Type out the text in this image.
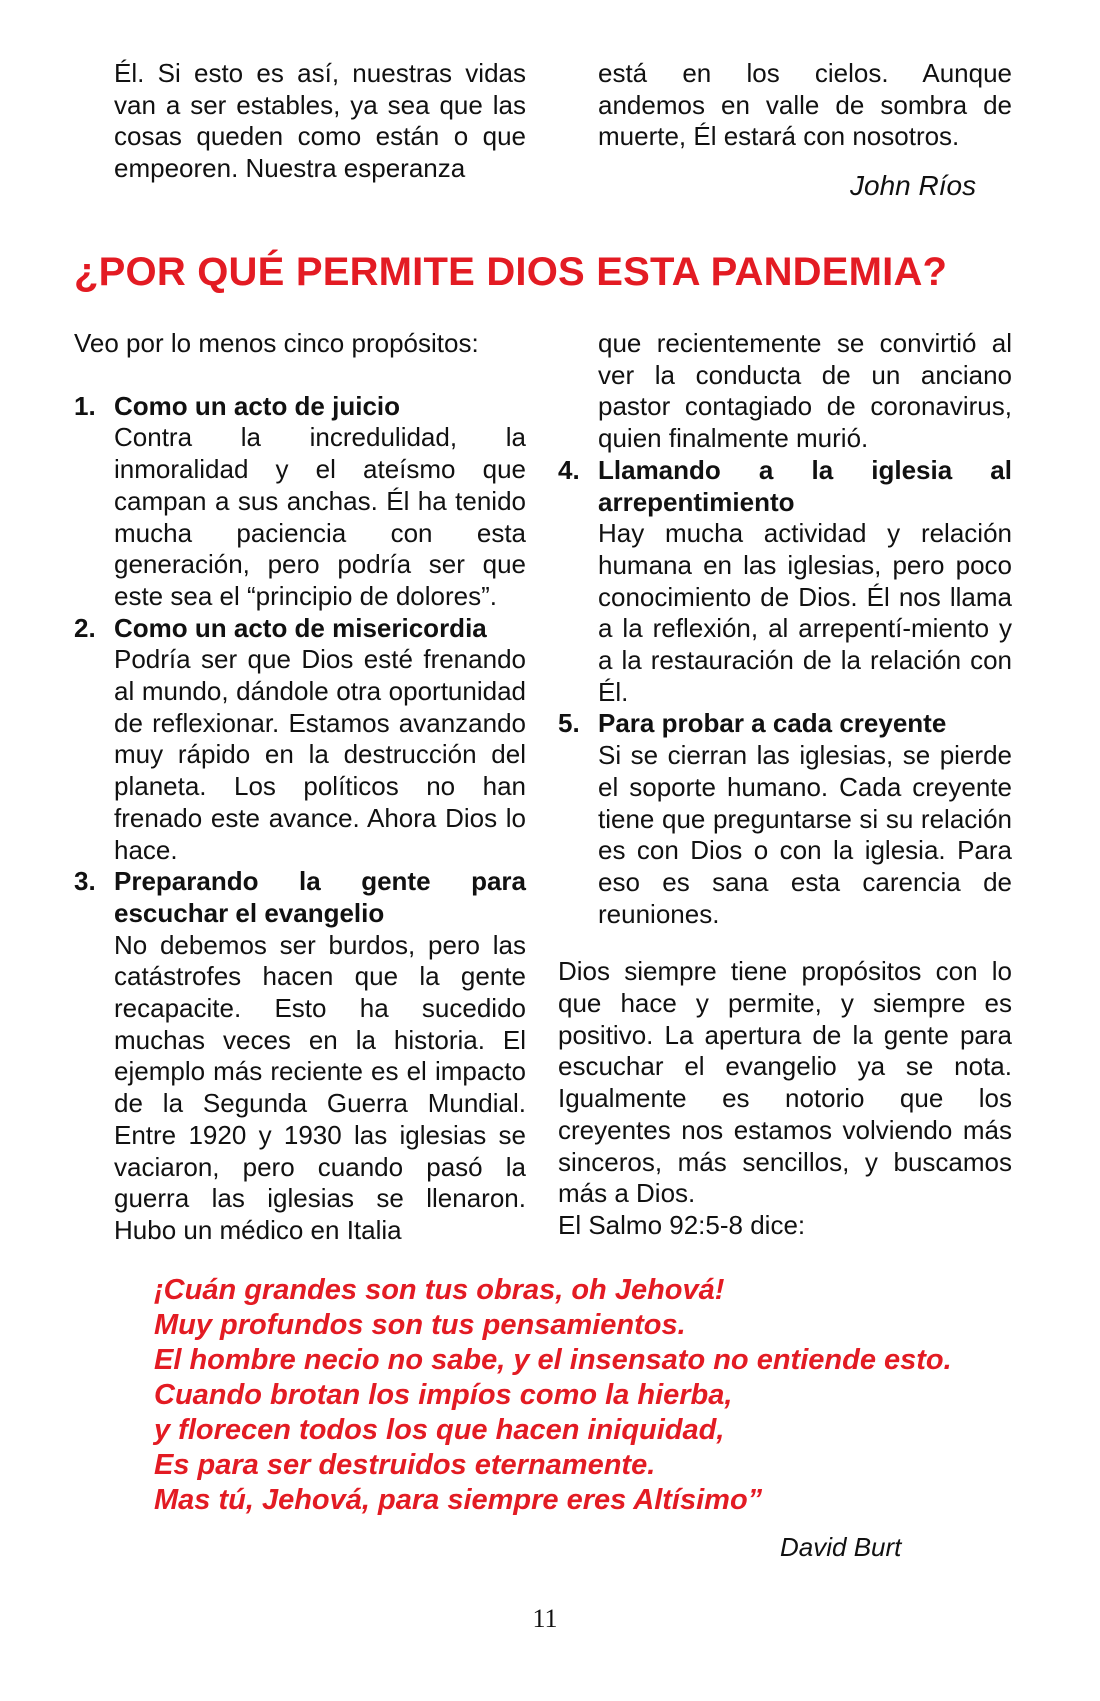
Él. Si esto es así, nuestras vidas van a ser estables, ya sea que las cosas queden como están o que empeoren. Nuestra esperanza
está en los cielos. Aunque andemos en valle de sombra de muerte, Él estará con nosotros.
John Ríos
¿POR QUÉ PERMITE DIOS ESTA PANDEMIA?
Veo por lo menos cinco propósitos:
1. Como un acto de juicio
Contra la incredulidad, la inmoralidad y el ateísmo que campan a sus anchas. Él ha tenido mucha paciencia con esta generación, pero podría ser que este sea el “principio de dolores”.
2. Como un acto de misericordia
Podría ser que Dios esté frenando al mundo, dándole otra oportunidad de reflexionar. Estamos avanzando muy rápido en la destrucción del planeta. Los políticos no han frenado este avance. Ahora Dios lo hace.
3. Preparando la gente para escuchar el evangelio
No debemos ser burdos, pero las catástrofes hacen que la gente recapacite. Esto ha sucedido muchas veces en la historia. El ejemplo más reciente es el impacto de la Segunda Guerra Mundial. Entre 1920 y 1930 las iglesias se vaciaron, pero cuando pasó la guerra las iglesias se llenaron. Hubo un médico en Italia
que recientemente se convirtió al ver la conducta de un anciano pastor contagiado de coronavirus, quien finalmente murió.
4. Llamando a la iglesia al arrepentimiento
Hay mucha actividad y relación humana en las iglesias, pero poco conocimiento de Dios. Él nos llama a la reflexión, al arrepentí-miento y a la restauración de la relación con Él.
5. Para probar a cada creyente
Si se cierran las iglesias, se pierde el soporte humano. Cada creyente tiene que preguntarse si su relación es con Dios o con la iglesia. Para eso es sana esta carencia de reuniones.
Dios siempre tiene propósitos con lo que hace y permite, y siempre es positivo. La apertura de la gente para escuchar el evangelio ya se nota. Igualmente es notorio que los creyentes nos estamos volviendo más sinceros, más sencillos, y buscamos más a Dios.
El Salmo 92:5-8 dice:
¡Cuán grandes son tus obras, oh Jehová!
Muy profundos son tus pensamientos.
El hombre necio no sabe, y el insensato no entiende esto.
Cuando brotan los impíos como la hierba,
y florecen todos los que hacen iniquidad,
Es para ser destruidos eternamente.
Mas tú, Jehová, para siempre eres Altísimo”
David Burt
11
